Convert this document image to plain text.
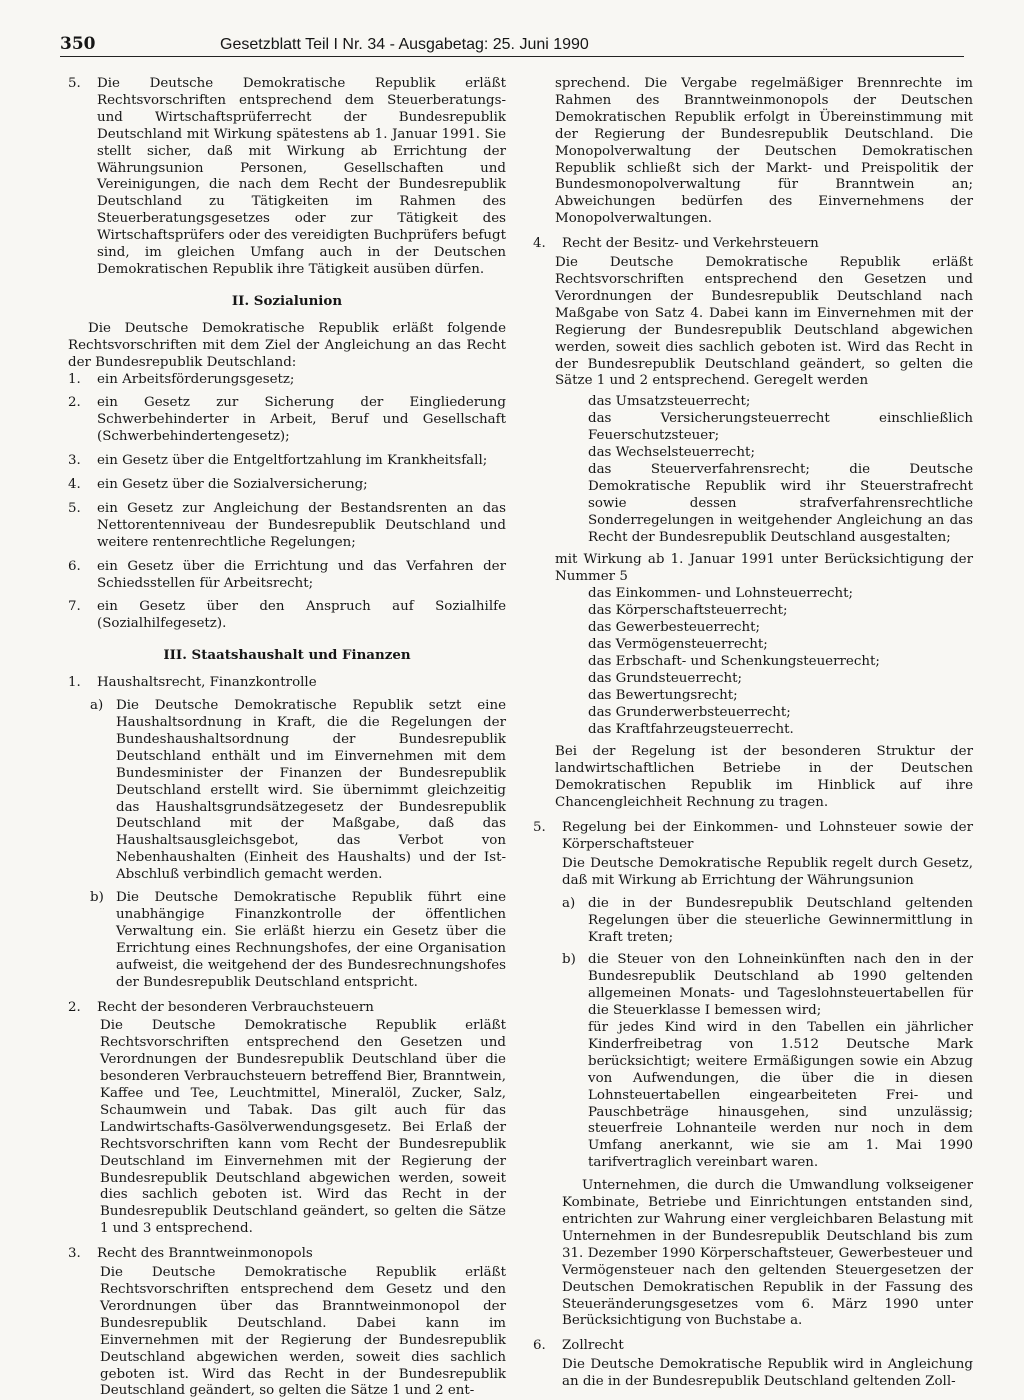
350	Gesetzblatt Teil I Nr. 34 - Ausgabetag: 25. Juni 1990
5.	Die Deutsche Demokratische Republik erläßt Rechtsvorschriften entsprechend dem Steuerberatungs- und Wirtschaftsprüferrecht der Bundesrepublik Deutschland mit Wirkung spätestens ab 1. Januar 1991. Sie stellt sicher, daß mit Wirkung ab Errichtung der Währungsunion Personen, Gesellschaften und Vereinigungen, die nach dem Recht der Bundesrepublik Deutschland zu Tätigkeiten im Rahmen des Steuerberatungsgesetzes oder zur Tätigkeit des Wirtschaftsprüfers oder des vereidigten Buchprüfers befugt sind, im gleichen Umfang auch in der Deutschen Demokratischen Republik ihre Tätigkeit ausüben dürfen.
II. Sozialunion

Die Deutsche Demokratische Republik erläßt folgende Rechtsvorschriften mit dem Ziel der Angleichung an das Recht der Bundesrepublik Deutschland:

1.	ein Arbeitsförderungsgesetz;
2.	ein Gesetz zur Sicherung der Eingliederung Schwerbehinderter in Arbeit, Beruf und Gesellschaft (Schwerbehindertengesetz);
3.	ein Gesetz über die Entgeltfortzahlung im Krankheitsfall;
4.	ein Gesetz über die Sozialversicherung;
5.	ein Gesetz zur Angleichung der Bestandsrenten an das Nettorentenniveau der Bundesrepublik Deutschland und weitere rentenrechtliche Regelungen;
6.	ein Gesetz über die Errichtung und das Verfahren der Schiedsstellen für Arbeitsrecht;
7.	ein Gesetz über den Anspruch auf Sozialhilfe (Sozialhilfegesetz).
III. Staatshaushalt und Finanzen
1.	Haushaltsrecht, Finanzkontrolle
a) Die Deutsche Demokratische Republik setzt eine Haushaltsordnung in Kraft, die die Regelungen der Bundeshaushaltsordnung der Bundesrepublik Deutschland enthält und im Einvernehmen mit dem Bundesminister der Finanzen der Bundesrepublik Deutschland erstellt wird. Sie übernimmt gleichzeitig das Haushaltsgrundsätzegesetz der Bundesrepublik Deutschland mit der Maßgabe, daß das Haushaltsausgleichsgebot, das Verbot von Nebenhaushalten (Einheit des Haushalts) und der Ist-Abschluß verbindlich gemacht werden.
b) Die Deutsche Demokratische Republik führt eine unabhängige Finanzkontrolle der öffentlichen Verwaltung ein. Sie erläßt hierzu ein Gesetz über die Errichtung eines Rechnungshofes, der eine Organisation aufweist, die weitgehend der des Bundesrechnungshofes der Bundesrepublik Deutschland entspricht.
2.	Recht der besonderen Verbrauchsteuern

Die Deutsche Demokratische Republik erläßt Rechtsvorschriften entsprechend den Gesetzen und Verordnungen der Bundesrepublik Deutschland über die besonderen Verbrauchsteuern betreffend Bier, Branntwein, Kaffee und Tee, Leuchtmittel, Mineralöl, Zucker, Salz, Schaumwein und Tabak. Das gilt auch für das Landwirtschafts-Gasölverwendungsgesetz. Bei Erlaß der Rechtsvorschriften kann vom Recht der Bundesrepublik Deutschland im Einvernehmen mit der Regierung der Bundesrepublik Deutschland abgewichen werden, soweit dies sachlich geboten ist. Wird das Recht in der Bundesrepublik Deutschland geändert, so gelten die Sätze 1 und 3 entsprechend.

3.	Recht des Branntweinmonopols

Die Deutsche Demokratische Republik erläßt Rechtsvorschriften entsprechend dem Gesetz und den Verordnungen über das Branntweinmonopol der Bundesrepublik Deutschland. Dabei kann im Einvernehmen mit der Regierung der Bundesrepublik Deutschland abgewichen werden, soweit dies sachlich geboten ist. Wird das Recht in der Bundesrepublik Deutschland geändert, so gelten die Sätze 1 und 2 ent-

sprechend. Die Vergabe regelmäßiger Brennrechte im Rahmen des Branntweinmonopols der Deutschen Demokratischen Republik erfolgt in Übereinstimmung mit der Regierung der Bundesrepublik Deutschland. Die Monopolverwaltung der Deutschen Demokratischen Republik schließt sich der Markt- und Preispolitik der Bundesmonopolverwaltung für Branntwein an; Abweichungen bedürfen des Einvernehmens der Monopolverwaltungen.

4.	Recht der Besitz- und Verkehrsteuern

Die Deutsche Demokratische Republik erläßt Rechtsvorschriften entsprechend den Gesetzen und Verordnungen der Bundesrepublik Deutschland nach Maßgabe von Satz 4. Dabei kann im Einvernehmen mit der Regierung der Bundesrepublik Deutschland abgewichen werden, soweit dies sachlich geboten ist. Wird das Recht in der Bundesrepublik Deutschland geändert, so gelten die Sätze 1 und 2 entsprechend. Geregelt werden

das Umsatzsteuerrecht;
das Versicherungsteuerrecht einschließlich Feuerschutzsteuer;
das Wechselsteuerrecht;
das Steuerverfahrensrecht; die Deutsche Demokratische Republik wird ihr Steuerstrafrecht sowie dessen strafverfahrensrechtliche Sonderregelungen in weitgehender Angleichung an das Recht der Bundesrepublik Deutschland ausgestalten;

mit Wirkung ab 1. Januar 1991 unter Berücksichtigung der Nummer 5

das Einkommen- und Lohnsteuerrecht;
das Körperschaftsteuerrecht;
das Gewerbesteuerrecht;
das Vermögensteuerrecht;
das Erbschaft- und Schenkungsteuerrecht;
das Grundsteuerrecht;
das Bewertungsrecht;
das Grunderwerbsteuerrecht;
das Kraftfahrzeugsteuerrecht.

Bei der Regelung ist der besonderen Struktur der landwirtschaftlichen Betriebe in der Deutschen Demokratischen Republik im Hinblick auf ihre Chancengleichheit Rechnung zu tragen.

5.	Regelung bei der Einkommen- und Lohnsteuer sowie der Körperschaftsteuer

Die Deutsche Demokratische Republik regelt durch Gesetz, daß mit Wirkung ab Errichtung der Währungsunion

a) die in der Bundesrepublik Deutschland geltenden Regelungen über die steuerliche Gewinnermittlung in Kraft treten;
b) die Steuer von den Lohneinkünften nach den in der Bundesrepublik Deutschland ab 1990 geltenden allgemeinen Monats- und Tageslohnsteuertabellen für die Steuerklasse I bemessen wird;
für jedes Kind wird in den Tabellen ein jährlicher Kinderfreibetrag von 1.512 Deutsche Mark berücksichtigt; weitere Ermäßigungen sowie ein Abzug von Aufwendungen, die über die in diesen Lohnsteuertabellen eingearbeiteten Frei- und Pauschbeträge hinausgehen, sind unzulässig; steuerfreie Lohnanteile werden nur noch in dem Umfang anerkannt, wie sie am 1. Mai 1990 tarifvertraglich vereinbart waren.

Unternehmen, die durch die Umwandlung volkseigener Kombinate, Betriebe und Einrichtungen entstanden sind, entrichten zur Wahrung einer vergleichbaren Belastung mit Unternehmen in der Bundesrepublik Deutschland bis zum 31. Dezember 1990 Körperschaftsteuer, Gewerbesteuer und Vermögensteuer nach den geltenden Steuergesetzen der Deutschen Demokratischen Republik in der Fassung des Steueränderungsgesetzes vom 6. März 1990 unter Berücksichtigung von Buchstabe a.

6.	Zollrecht

Die Deutsche Demokratische Republik wird in Angleichung an die in der Bundesrepublik Deutschland geltenden Zoll-
